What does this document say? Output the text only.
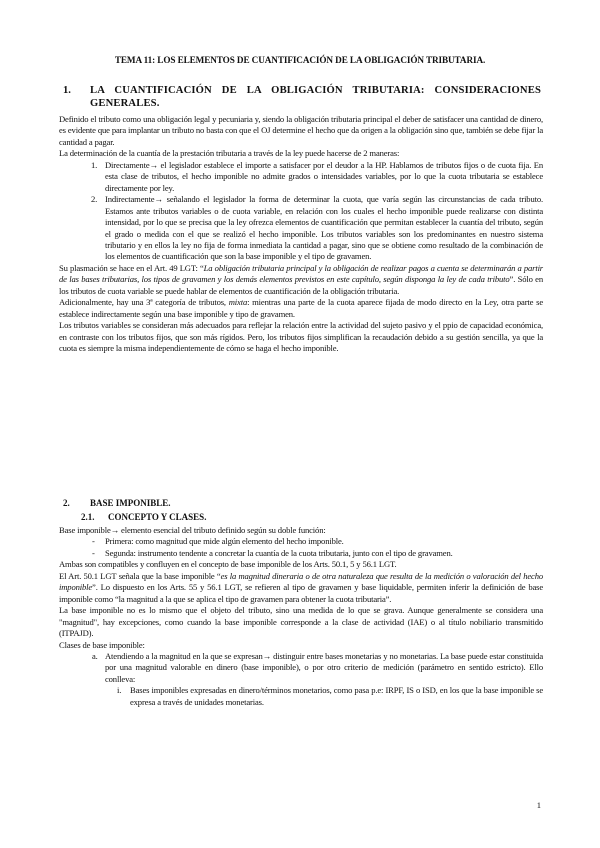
TEMA 11: LOS ELEMENTOS DE CUANTIFICACIÓN DE LA OBLIGACIÓN TRIBUTARIA.
1. LA CUANTIFICACIÓN DE LA OBLIGACIÓN TRIBUTARIA: CONSIDERACIONES GENERALES.

Definido el tributo como una obligación legal y pecuniaria y, siendo la obligación tributaria principal el deber de satisfacer una cantidad de dinero, es evidente que para implantar un tributo no basta con que el OJ determine el hecho que da origen a la obligación sino que, también se debe fijar la cantidad a pagar.

La determinación de la cuantía de la prestación tributaria a través de la ley puede hacerse de 2 maneras:

1. Directamente→ el legislador establece el importe a satisfacer por el deudor a la HP. Hablamos de tributos fijos o de cuota fija. En esta clase de tributos, el hecho imponible no admite grados o intensidades variables, por lo que la cuota tributaria se establece directamente por ley.

2. Indirectamente→ señalando el legislador la forma de determinar la cuota, que varía según las circunstancias de cada tributo. Estamos ante tributos variables o de cuota variable, en relación con los cuales el hecho imponible puede realizarse con distinta intensidad, por lo que se precisa que la ley ofrezca elementos de cuantificación que permitan establecer la cuantía del tributo, según el grado o medida con el que se realizó el hecho imponible. Los tributos variables son los predominantes en nuestro sistema tributario y en ellos la ley no fija de forma inmediata la cantidad a pagar, sino que se obtiene como resultado de la combinación de los elementos de cuantificación que son la base imponible y el tipo de gravamen.

Su plasmación se hace en el Art. 49 LGT: “La obligación tributaria principal y la obligación de realizar pagos a cuenta se determinarán a partir de las bases tributarias, los tipos de gravamen y los demás elementos previstos en este capítulo, según disponga la ley de cada tributo”. Sólo en los tributos de cuota variable se puede hablar de elementos de cuantificación de la obligación tributaria.

Adicionalmente, hay una 3ª categoría de tributos, mixta: mientras una parte de la cuota aparece fijada de modo directo en la Ley, otra parte se establece indirectamente según una base imponible y tipo de gravamen.

Los tributos variables se consideran más adecuados para reflejar la relación entre la actividad del sujeto pasivo y el ppio de capacidad económica, en contraste con los tributos fijos, que son más rígidos. Pero, los tributos fijos simplifican la recaudación debido a su gestión sencilla, ya que la cuota es siempre la misma independientemente de cómo se haga el hecho imponible.

2. BASE IMPONIBLE.
2.1. CONCEPTO Y CLASES.

Base imponible→ elemento esencial del tributo definido según su doble función:

- Primera: como magnitud que mide algún elemento del hecho imponible.

- Segunda: instrumento tendente a concretar la cuantía de la cuota tributaria, junto con el tipo de gravamen.

Ambas son compatibles y confluyen en el concepto de base imponible de los Arts. 50.1, 5 y 56.1 LGT.

El Art. 50.1 LGT señala que la base imponible “es la magnitud dineraria o de otra naturaleza que resulta de la medición o valoración del hecho imponible”. Lo dispuesto en los Arts. 55 y 56.1 LGT, se refieren al tipo de gravamen y base liquidable, permiten inferir la definición de base imponible como “la magnitud a la que se aplica el tipo de gravamen para obtener la cuota tributaria”.

La base imponible no es lo mismo que el objeto del tributo, sino una medida de lo que se grava. Aunque generalmente se considera una "magnitud", hay excepciones, como cuando la base imponible corresponde a la clase de actividad (IAE) o al título nobiliario transmitido (ITPAJD).

Clases de base imponible:

a. Atendiendo a la magnitud en la que se expresan→ distinguir entre bases monetarias y no monetarias. La base puede estar constituida por una magnitud valorable en dinero (base imponible), o por otro criterio de medición (parámetro en sentido estricto). Ello conlleva:

i. Bases imponibles expresadas en dinero/términos monetarios, como pasa p.e: IRPF, IS o ISD, en los que la base imponible se expresa a través de unidades monetarias.

1
